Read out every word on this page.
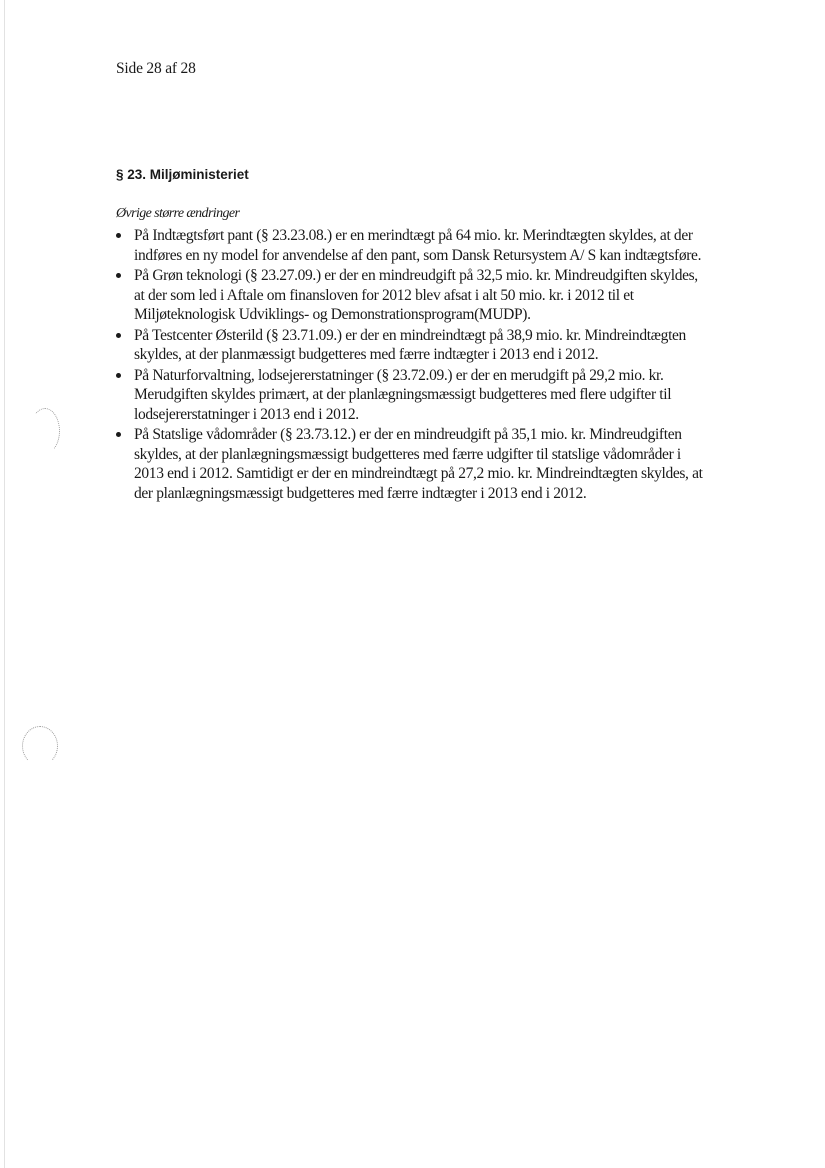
Side 28 af 28
§ 23. Miljøministeriet
Øvrige større ændringer
På Indtægtsført pant (§ 23.23.08.) er en merindtægt på 64 mio. kr. Merindtægten skyldes, at der indføres en ny model for anvendelse af den pant, som Dansk Retursystem A/ S kan indtægtsføre.
På Grøn teknologi (§ 23.27.09.) er der en mindreudgift på 32,5 mio. kr. Mindreudgiften skyldes, at der som led i Aftale om finansloven for 2012 blev afsat i alt 50 mio. kr. i 2012 til et Miljøteknologisk Udviklings- og Demonstrationsprogram(MUDP).
På Testcenter Østerild (§ 23.71.09.) er der en mindreindtægt på 38,9 mio. kr. Mindreindtægten skyldes, at der planmæssigt budgetteres med færre indtægter i 2013 end i 2012.
På Naturforvaltning, lodsejererstatninger (§ 23.72.09.) er der en merudgift på 29,2 mio. kr. Merudgiften skyldes primært, at der planlægningsmæssigt budgetteres med flere udgifter til lodsejererstatninger i 2013 end i 2012.
På Statslige vådområder (§ 23.73.12.) er der en mindreudgift på 35,1 mio. kr. Mindreudgiften skyldes, at der planlægningsmæssigt budgetteres med færre udgifter til statslige vådområder i 2013 end i 2012. Samtidigt er der en mindreindtægt på 27,2 mio. kr. Mindreindtægten skyldes, at der planlægningsmæssigt budgetteres med færre indtægter i 2013 end i 2012.
